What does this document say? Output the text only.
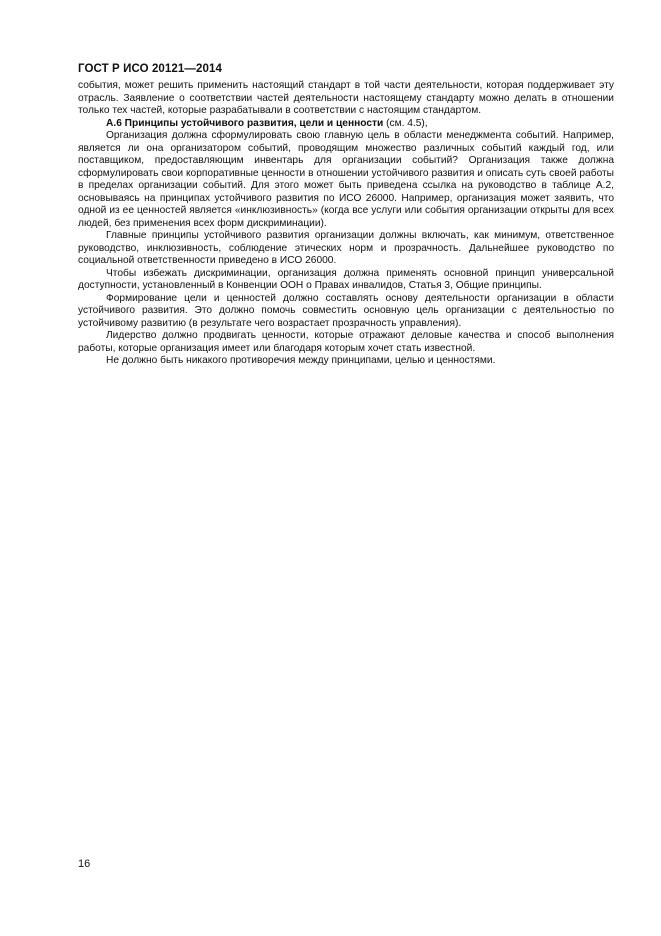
ГОСТ Р ИСО 20121—2014

события, может решить применить настоящий стандарт в той части деятельности, которая поддерживает эту отрасль. Заявление о соответствии частей деятельности настоящему стандарту можно делать в отношении только тех частей, которые разрабатывали в соответствии с настоящим стандартом.

А.6 Принципы устойчивого развития, цели и ценности (см. 4.5),

Организация должна сформулировать свою главную цель в области менеджмента событий. Например, является ли она организатором событий, проводящим множество различных событий каждый год, или поставщиком, предоставляющим инвентарь для организации событий? Организация также должна сформулировать свои корпоративные ценности в отношении устойчивого развития и описать суть своей работы в пределах организации событий. Для этого может быть приведена ссылка на руководство в таблице А.2, основываясь на принципах устойчивого развития по ИСО 26000. Например, организация может заявить, что одной из ее ценностей является «инклюзивность» (когда все услуги или события организации открыты для всех людей, без применения всех форм дискриминации).

Главные принципы устойчивого развития организации должны включать, как минимум, ответственное руководство, инклюзивность, соблюдение этических норм и прозрачность. Дальнейшее руководство по социальной ответственности приведено в ИСО 26000.

Чтобы избежать дискриминации, организация должна применять основной принцип универсальной доступности, установленный в Конвенции ООН о Правах инвалидов, Статья 3, Общие принципы.

Формирование цели и ценностей должно составлять основу деятельности организации в области устойчивого развития. Это должно помочь совместить основную цель организации с деятельностью по устойчивому развитию (в результате чего возрастает прозрачность управления).

Лидерство должно продвигать ценности, которые отражают деловые качества и способ выполнения работы, которые организация имеет или благодаря которым хочет стать известной.

Не должно быть никакого противоречия между принципами, целью и ценностями.

16
